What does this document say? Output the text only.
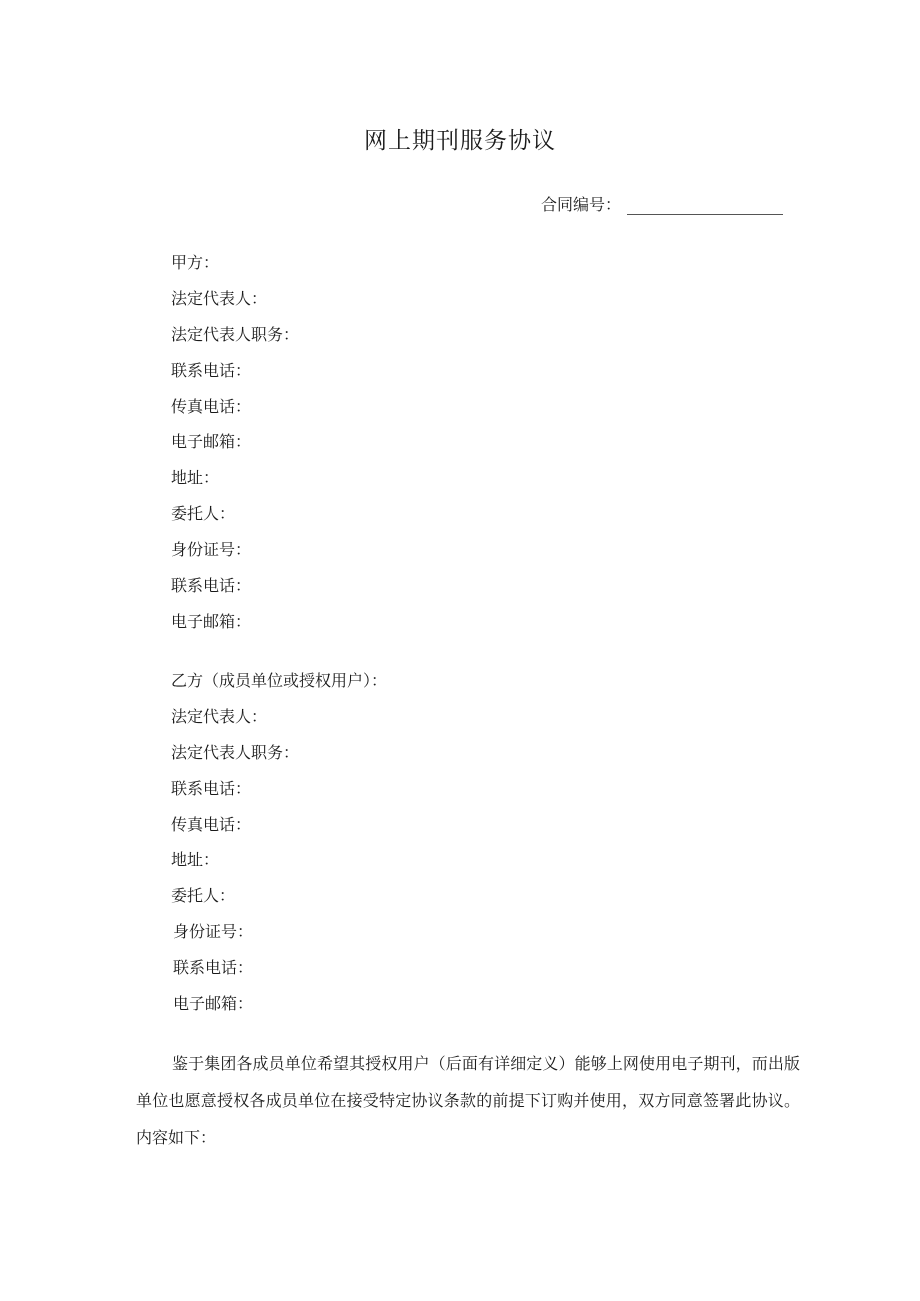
网上期刊服务协议
合同编号：
甲方：
法定代表人：
法定代表人职务：
联系电话：
传真电话：
电子邮箱：
地址：
委托人：
身份证号：
联系电话：
电子邮箱：
乙方（成员单位或授权用户）：
法定代表人：
法定代表人职务：
联系电话：
传真电话：
地址：
委托人：
身份证号：
联系电话：
电子邮箱：

鉴于集团各成员单位希望其授权用户（后面有详细定义）能够上网使用电子期刊，而出版单位也愿意授权各成员单位在接受特定协议条款的前提下订购并使用，双方同意签署此协议。内容如下：
